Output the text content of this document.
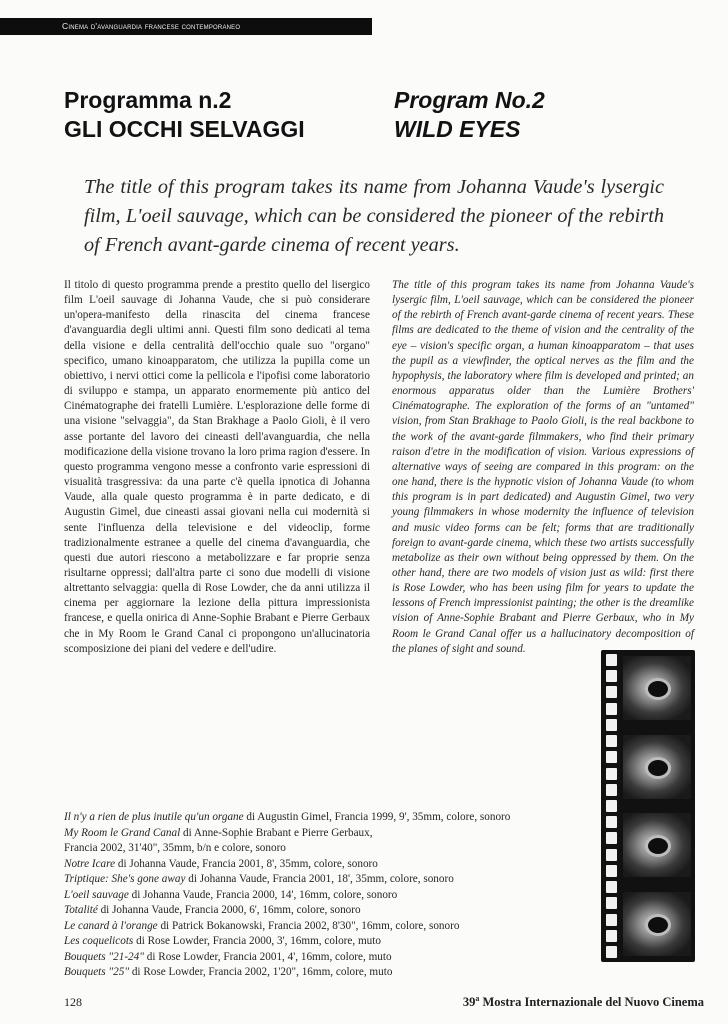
Cinema d'avanguardia francese contemporaneo
Programma n.2
GLI OCCHI SELVAGGI
Program No.2
WILD EYES
The title of this program takes its name from Johanna Vaude's lysergic film, L'oeil sauvage, which can be considered the pioneer of the rebirth of French avant-garde cinema of recent years.

Il titolo di questo programma prende a prestito quello del lisergico film L'oeil sauvage di Johanna Vaude, che si può considerare un'opera-manifesto della rinascita del cinema francese d'avanguardia degli ultimi anni. Questi film sono dedicati al tema della visione e della centralità dell'occhio quale suo "organo" specifico, umano kinoapparatom, che utilizza la pupilla come un obiettivo, i nervi ottici come la pellicola e l'ipofisi come laboratorio di sviluppo e stampa, un apparato enormemente più antico del Cinématographe dei fratelli Lumière. L'esplorazione delle forme di una visione "selvaggia", da Stan Brakhage a Paolo Gioli, è il vero asse portante del lavoro dei cineasti dell'avanguardia, che nella modificazione della visione trovano la loro prima ragion d'essere. In questo programma vengono messe a confronto varie espressioni di visualità trasgressiva: da una parte c'è quella ipnotica di Johanna Vaude, alla quale questo programma è in parte dedicato, e di Augustin Gimel, due cineasti assai giovani nella cui modernità si sente l'influenza della televisione e del videoclip, forme tradizionalmente estranee a quelle del cinema d'avanguardia, che questi due autori riescono a metabolizzare e far proprie senza risultarne oppressi; dall'altra parte ci sono due modelli di visione altrettanto selvaggia: quella di Rose Lowder, che da anni utilizza il cinema per aggiornare la lezione della pittura impressionista francese, e quella onirica di Anne-Sophie Brabant e Pierre Gerbaux che in My Room le Grand Canal ci propongono un'allucinatoria scomposizione dei piani del vedere e dell'udire.

The title of this program takes its name from Johanna Vaude's lysergic film, L'oeil sauvage, which can be considered the pioneer of the rebirth of French avant-garde cinema of recent years. These films are dedicated to the theme of vision and the centrality of the eye – vision's specific organ, a human kinoapparatom – that uses the pupil as a viewfinder, the optical nerves as the film and the hypophysis, the laboratory where film is developed and printed; an enormous apparatus older than the Lumière Brothers' Cinématographe. The exploration of the forms of an "untamed" vision, from Stan Brakhage to Paolo Gioli, is the real backbone to the work of the avant-garde filmmakers, who find their primary raison d'etre in the modification of vision. Various expressions of alternative ways of seeing are compared in this program: on the one hand, there is the hypnotic vision of Johanna Vaude (to whom this program is in part dedicated) and Augustin Gimel, two very young filmmakers in whose modernity the influence of television and music video forms can be felt; forms that are traditionally foreign to avant-garde cinema, which these two artists successfully metabolize as their own without being oppressed by them. On the other hand, there are two models of vision just as wild: first there is Rose Lowder, who has been using film for years to update the lessons of French impressionist painting; the other is the dreamlike vision of Anne-Sophie Brabant and Pierre Gerbaux, who in My Room le Grand Canal offer us a hallucinatory decomposition of the planes of sight and sound.

Il n'y a rien de plus inutile qu'un organe di Augustin Gimel, Francia 1999, 9', 35mm, colore, sonoro
My Room le Grand Canal di Anne-Sophie Brabant e Pierre Gerbaux,
Francia 2002, 31'40", 35mm, b/n e colore, sonoro
Notre Icare di Johanna Vaude, Francia 2001, 8', 35mm, colore, sonoro
Triptique: She's gone away di Johanna Vaude, Francia 2001, 18', 35mm, colore, sonoro
L'oeil sauvage di Johanna Vaude, Francia 2000, 14', 16mm, colore, sonoro
Totalité di Johanna Vaude, Francia 2000, 6', 16mm, colore, sonoro
Le canard à l'orange di Patrick Bokanowski, Francia 2002, 8'30", 16mm, colore, sonoro
Les coquelicots di Rose Lowder, Francia 2000, 3', 16mm, colore, muto
Bouquets "21-24" di Rose Lowder, Francia 2001, 4', 16mm, colore, muto
Bouquets "25" di Rose Lowder, Francia 2002, 1'20", 16mm, colore, muto
128	39$^a$ Mostra Internazionale del Nuovo Cinema
